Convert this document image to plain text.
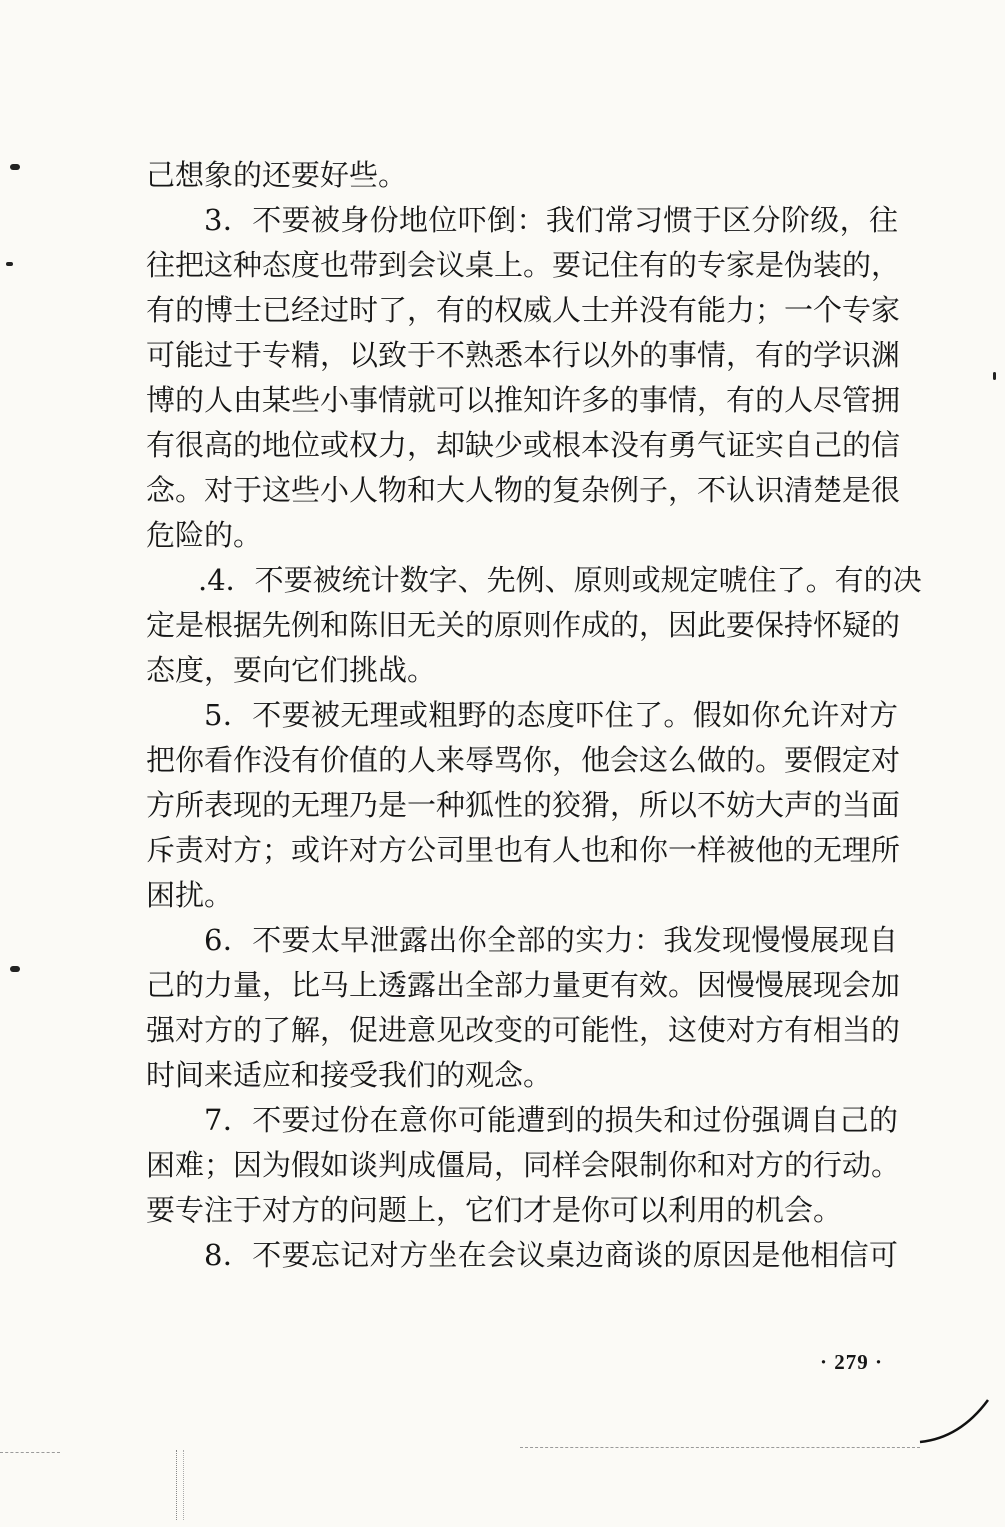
己想象的还要好些。
3．不要被身份地位吓倒：我们常习惯于区分阶级，往
往把这种态度也带到会议桌上。要记住有的专家是伪装的，
有的博士已经过时了，有的权威人士并没有能力；一个专家
可能过于专精，以致于不熟悉本行以外的事情，有的学识渊
博的人由某些小事情就可以推知许多的事情，有的人尽管拥
有很高的地位或权力，却缺少或根本没有勇气证实自己的信
念。对于这些小人物和大人物的复杂例子，不认识清楚是很
危险的。
.4．不要被统计数字、先例、原则或规定唬住了。有的决
定是根据先例和陈旧无关的原则作成的，因此要保持怀疑的
态度，要向它们挑战。
5．不要被无理或粗野的态度吓住了。假如你允许对方
把你看作没有价值的人来辱骂你，他会这么做的。要假定对
方所表现的无理乃是一种狐性的狡猾，所以不妨大声的当面
斥责对方；或许对方公司里也有人也和你一样被他的无理所
困扰。
6．不要太早泄露出你全部的实力：我发现慢慢展现自
己的力量，比马上透露出全部力量更有效。因慢慢展现会加
强对方的了解，促进意见改变的可能性，这使对方有相当的
时间来适应和接受我们的观念。
7．不要过份在意你可能遭到的损失和过份强调自己的
困难；因为假如谈判成僵局，同样会限制你和对方的行动。
要专注于对方的问题上，它们才是你可以利用的机会。
8．不要忘记对方坐在会议桌边商谈的原因是他相信可
· 279 ·
